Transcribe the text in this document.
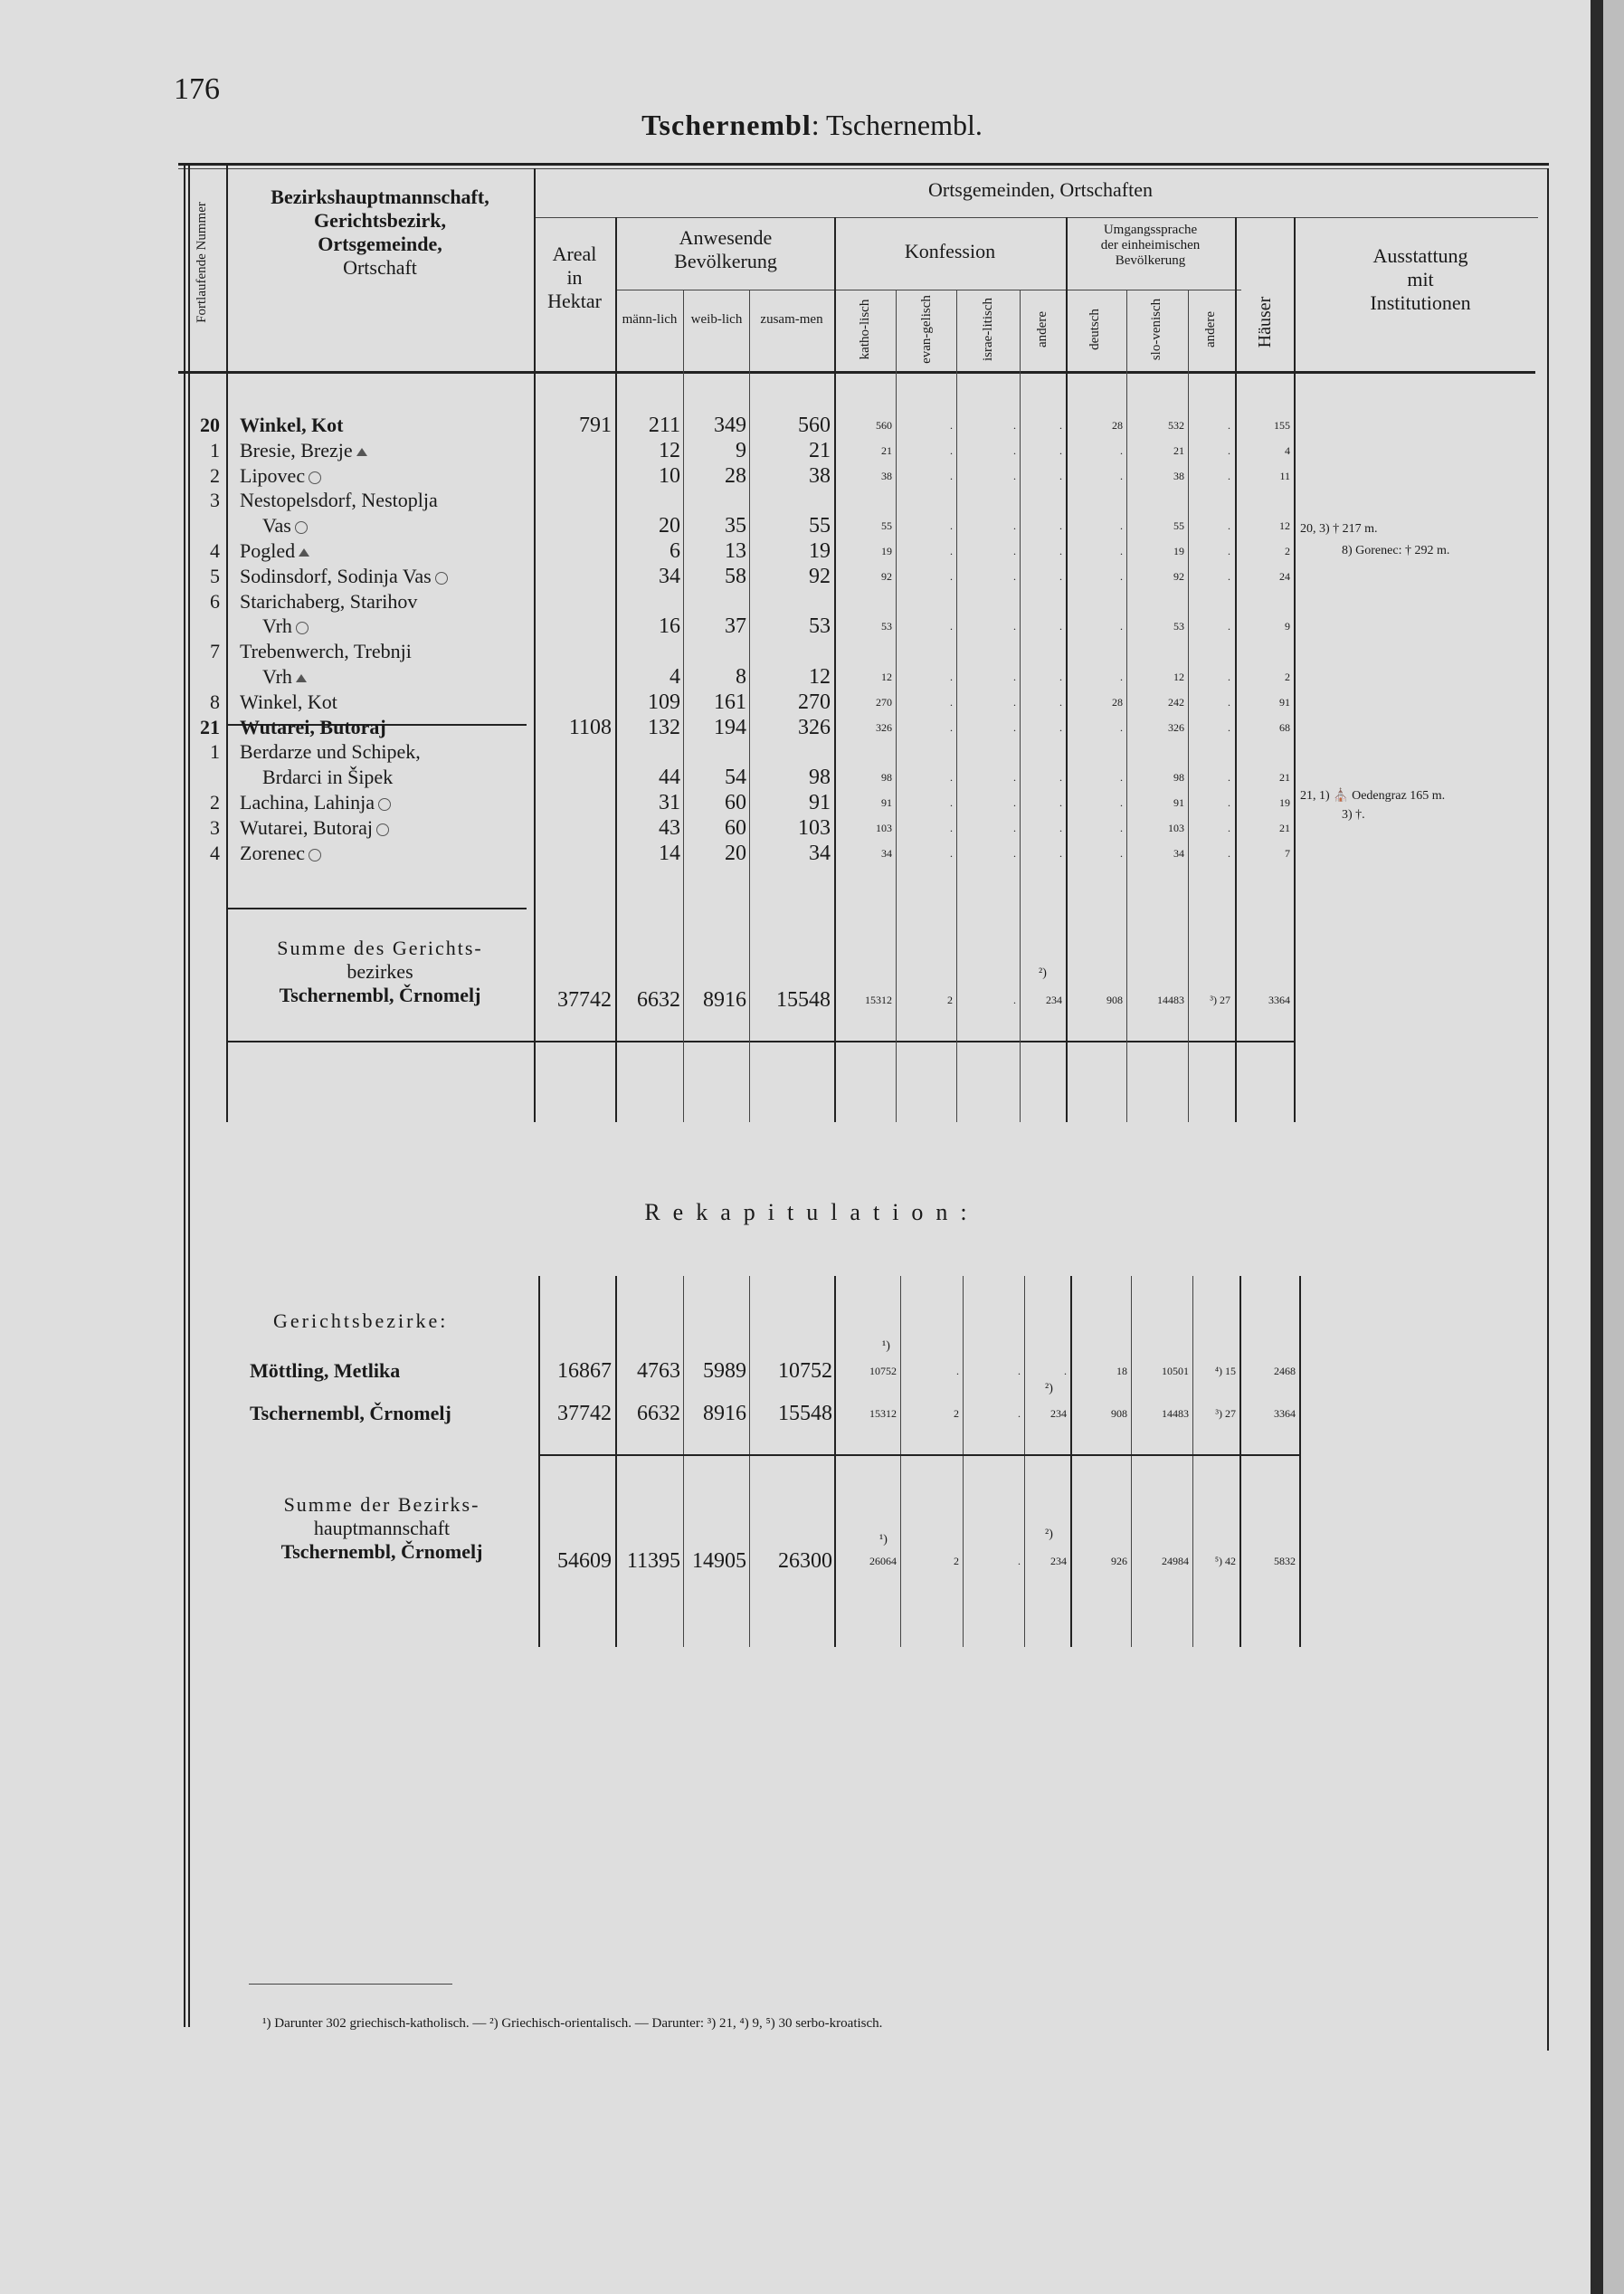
176
Tschernembl: Tschernembl.
Fortlaufende Nummer
Bezirkshauptmannschaft,
Gerichtsbezirk,
Ortsgemeinde,
Ortschaft
Ortsgemeinden, Ortschaften
Areal
in
Hektar
Anwesende
Bevölkerung
männ-lich	weib-lich	zusam-men
Konfession
katho-lisch	evan-gelisch	israe-litisch	andere
Umgangssprache
der einheimischen
Bevölkerung
deutsch	slo-venisch	andere Häuser
Ausstattung
mit
Institutionen
20 Winkel, Kot	791	211	349	560	560	.	.	.	28	532	.	155
1 Bresie, Brezje	12	9	21	21	.	.	.	.	21	.	4
2 Lipovec	10	28	38	38	.	.	.	.	38	.	11
3 Nestopelsdorf, Nestoplja
Vas	20	35	55	55	.	.	.	.	55	.	12
4 Pogled	6	13	19	19	.	.	.	.	19	.	2
5 Sodinsdorf, Sodinja Vas	34	58	92	92	.	.	.	.	92	.	24
6 Starichaberg, Starihov
Vrh	16	37	53	53	.	.	.	.	53	.	9
7 Trebenwerch, Trebnji
Vrh	4	8	12	12	.	.	.	.	12	.	2
8 Winkel, Kot	109	161	270	270	.	.	.	28	242	.	91
21 Wutarei, Butoraj	1108	132	194	326	326	.	.	.	.	326	.	68
1 Berdarze und Schipek,
Brdarci in Šipek	44	54	98	98	.	.	.	.	98	.	21
2 Lachina, Lahinja	31	60	91	91	.	.	.	.	91	.	19
3 Wutarei, Butoraj	43	60	103	103	.	.	.	.	103	.	21
4 Zorenec	14	20	34	34	.	.	.	.	34	.	7
20, 3) † 217 m.
8) Gorenec: † 292 m.
21, 1) ⛪ Oedengraz 165 m.
3) †.
Summe des Gerichts-
bezirkes
Tschernembl, Črnomelj
²)
37742	6632	8916	15548	15312	2	.	234	908	14483	³) 27	3364
Rekapitulation:
Gerichtsbezirke:
Möttling, Metlika	16867	4763	5989	10752	10752	.	.	.	18	10501	⁴) 15	2468
Tschernembl, Črnomelj	37742	6632	8916	15548	15312	2	.	234	908	14483	³) 27	3364
¹)
²)
Summe der Bezirks-
hauptmannschaft
Tschernembl, Črnomelj
¹)	²)
54609 11395 14905	26300	26064	2	.	234	926	24984	⁵) 42	5832
¹) Darunter 302 griechisch-katholisch. — ²) Griechisch-orientalisch. — Darunter: ³) 21, ⁴) 9, ⁵) 30 serbo-kroatisch.
